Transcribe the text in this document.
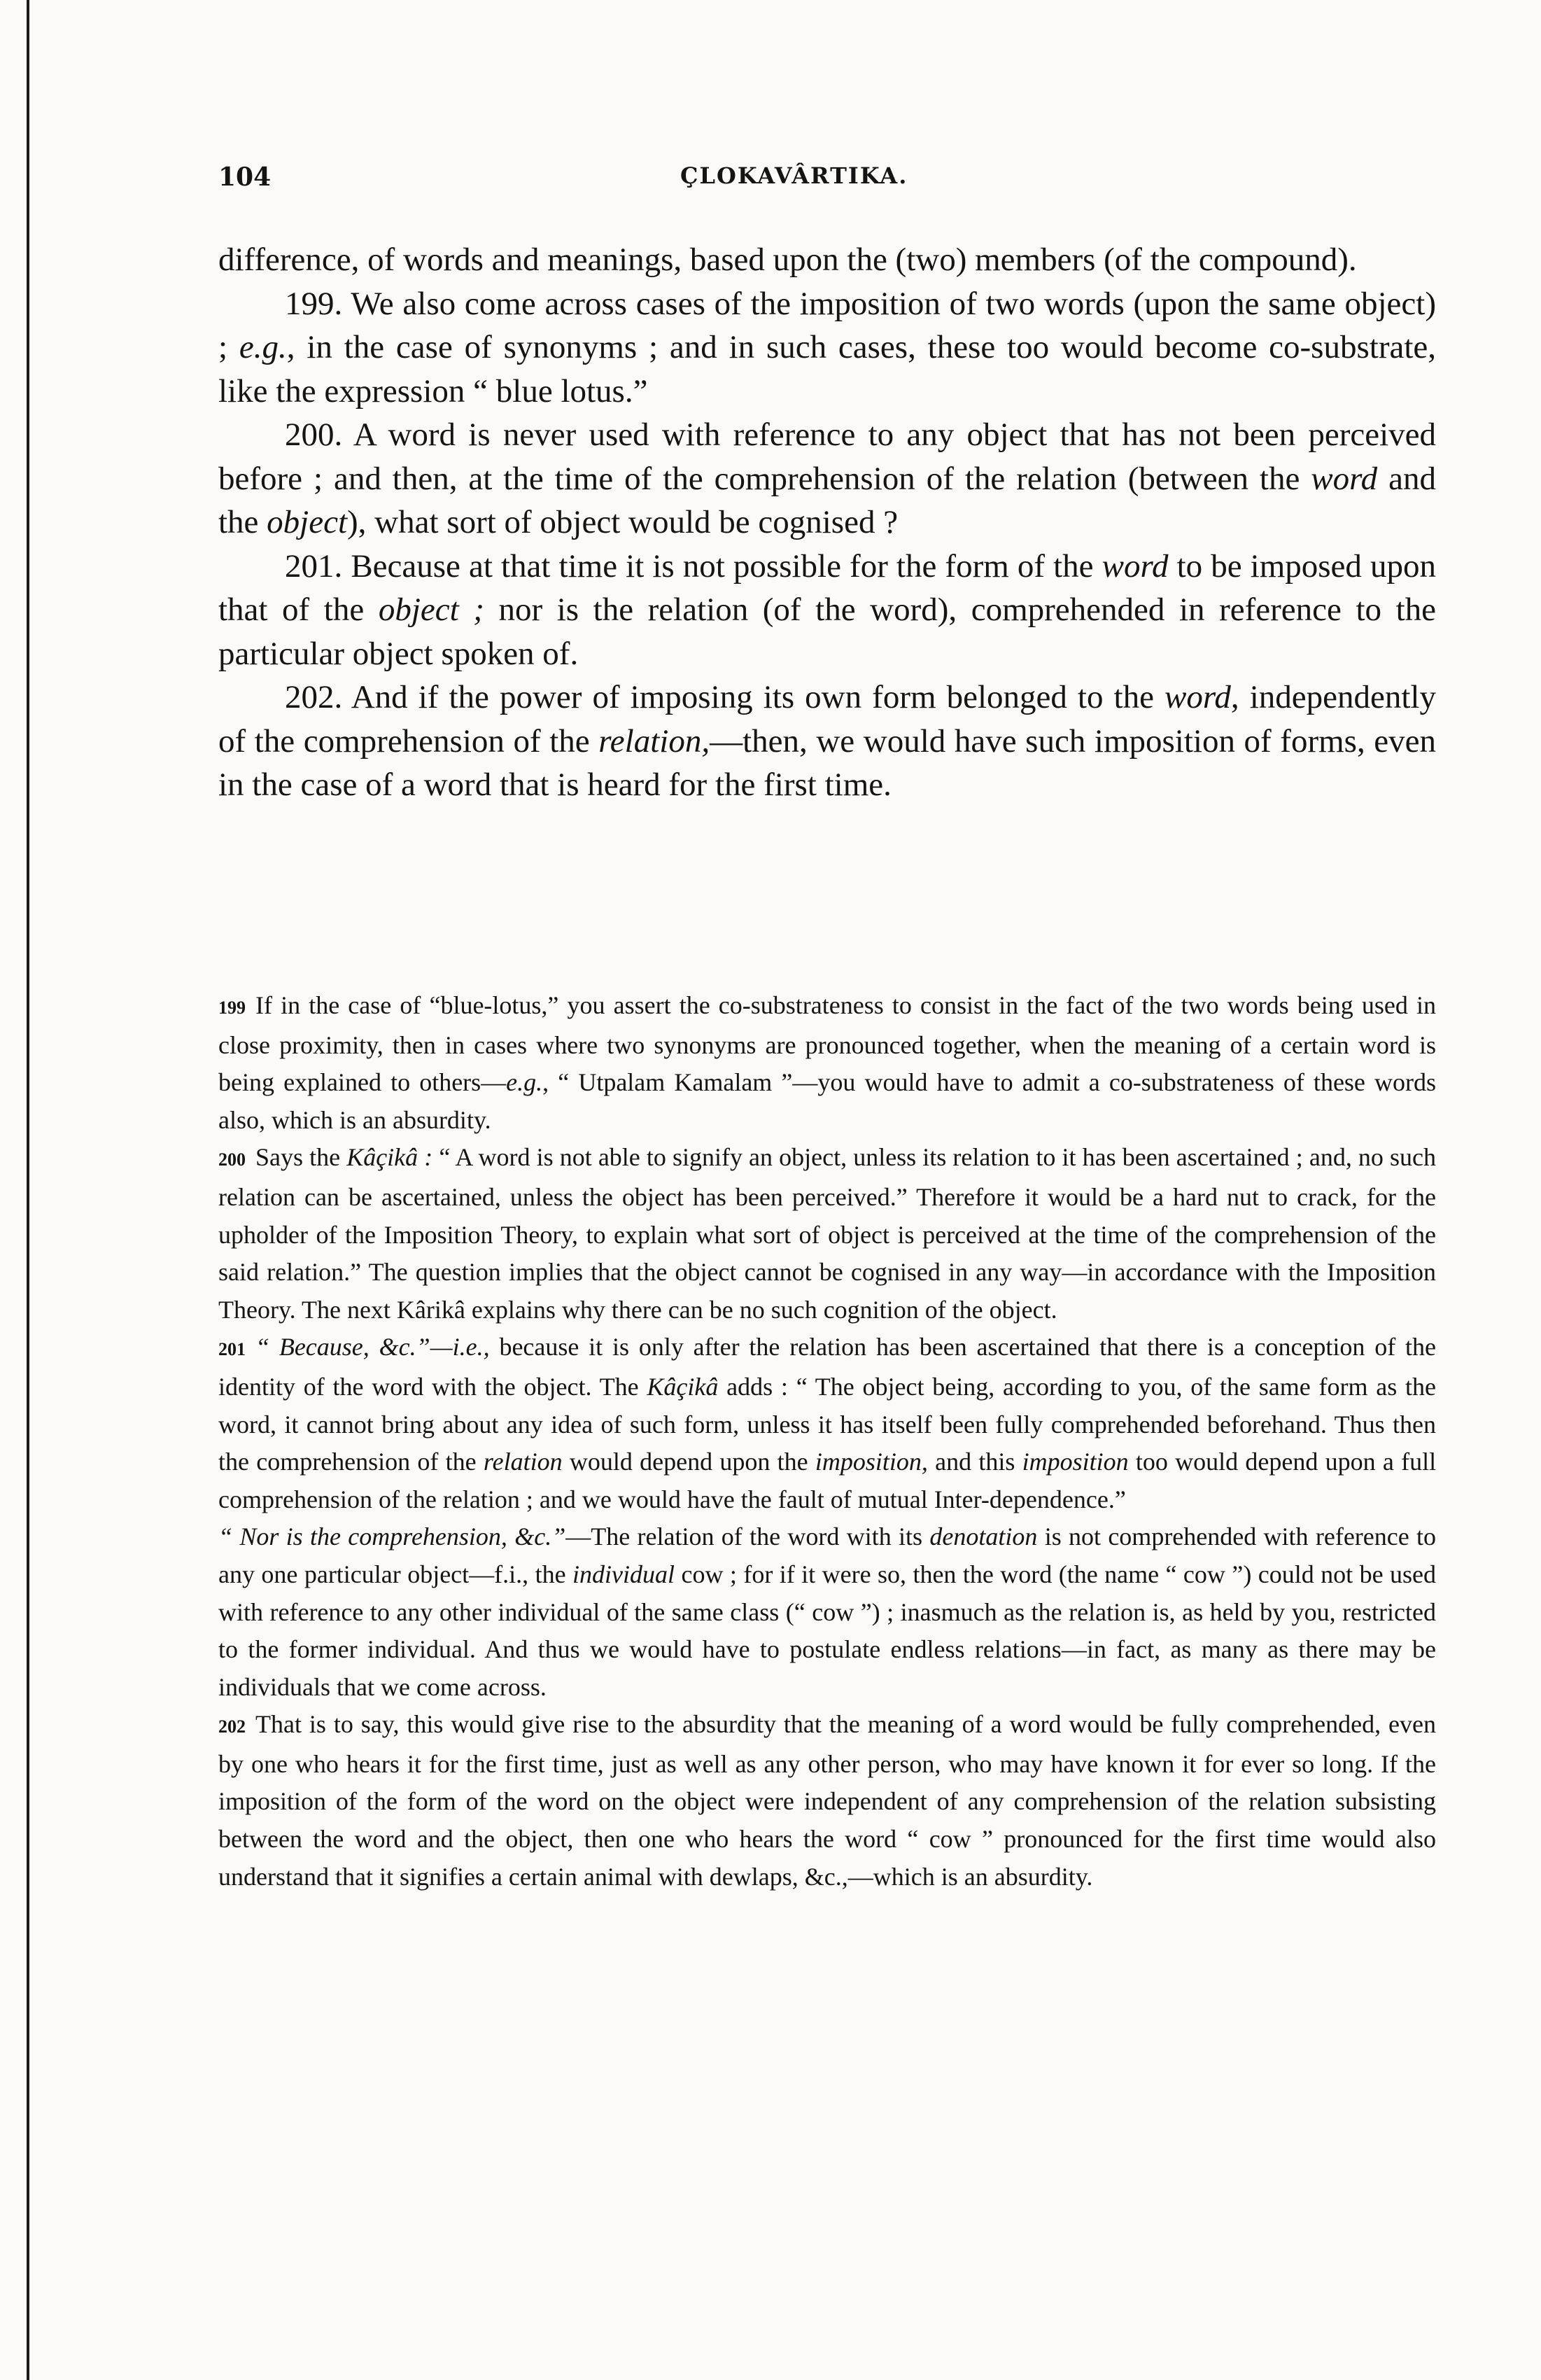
104	ÇLOKAVÂRTIKA.

difference, of words and meanings, based upon the (two) members (of the compound).

199. We also come across cases of the imposition of two words (upon the same object) ; e.g., in the case of synonyms ; and in such cases, these too would become co-substrate, like the expression “ blue lotus.”

200. A word is never used with reference to any object that has not been perceived before ; and then, at the time of the comprehension of the relation (between the word and the object), what sort of object would be cognised ?

201. Because at that time it is not possible for the form of the word to be imposed upon that of the object ; nor is the relation (of the word), comprehended in reference to the particular object spoken of.

202. And if the power of imposing its own form belonged to the word, independently of the comprehension of the relation,—then, we would have such imposition of forms, even in the case of a word that is heard for the first time.

199 If in the case of “blue-lotus,” you assert the co-substrateness to consist in the fact of the two words being used in close proximity, then in cases where two synonyms are pronounced together, when the meaning of a certain word is being explained to others—e.g., “ Utpalam Kamalam ”—you would have to admit a co-substrateness of these words also, which is an absurdity.

200 Says the Kâçikâ : “ A word is not able to signify an object, unless its relation to it has been ascertained ; and, no such relation can be ascertained, unless the object has been perceived.” Therefore it would be a hard nut to crack, for the upholder of the Imposition Theory, to explain what sort of object is perceived at the time of the comprehension of the said relation.” The question implies that the object cannot be cognised in any way—in accordance with the Imposition Theory. The next Kârikâ explains why there can be no such cognition of the object.

201 “ Because, &c.”—i.e., because it is only after the relation has been ascertained that there is a conception of the identity of the word with the object. The Kâçikâ adds : “ The object being, according to you, of the same form as the word, it cannot bring about any idea of such form, unless it has itself been fully comprehended beforehand. Thus then the comprehension of the relation would depend upon the imposition, and this imposition too would depend upon a full comprehension of the relation ; and we would have the fault of mutual Inter-dependence.”

“ Nor is the comprehension, &c.”—The relation of the word with its denotation is not comprehended with reference to any one particular object—f.i., the individual cow ; for if it were so, then the word (the name “ cow ”) could not be used with reference to any other individual of the same class (“ cow ”) ; inasmuch as the relation is, as held by you, restricted to the former individual. And thus we would have to postulate endless relations—in fact, as many as there may be individuals that we come across.

202 That is to say, this would give rise to the absurdity that the meaning of a word would be fully comprehended, even by one who hears it for the first time, just as well as any other person, who may have known it for ever so long. If the imposition of the form of the word on the object were independent of any comprehension of the relation subsisting between the word and the object, then one who hears the word “ cow ” pronounced for the first time would also understand that it signifies a certain animal with dewlaps, &c.,—which is an absurdity.
